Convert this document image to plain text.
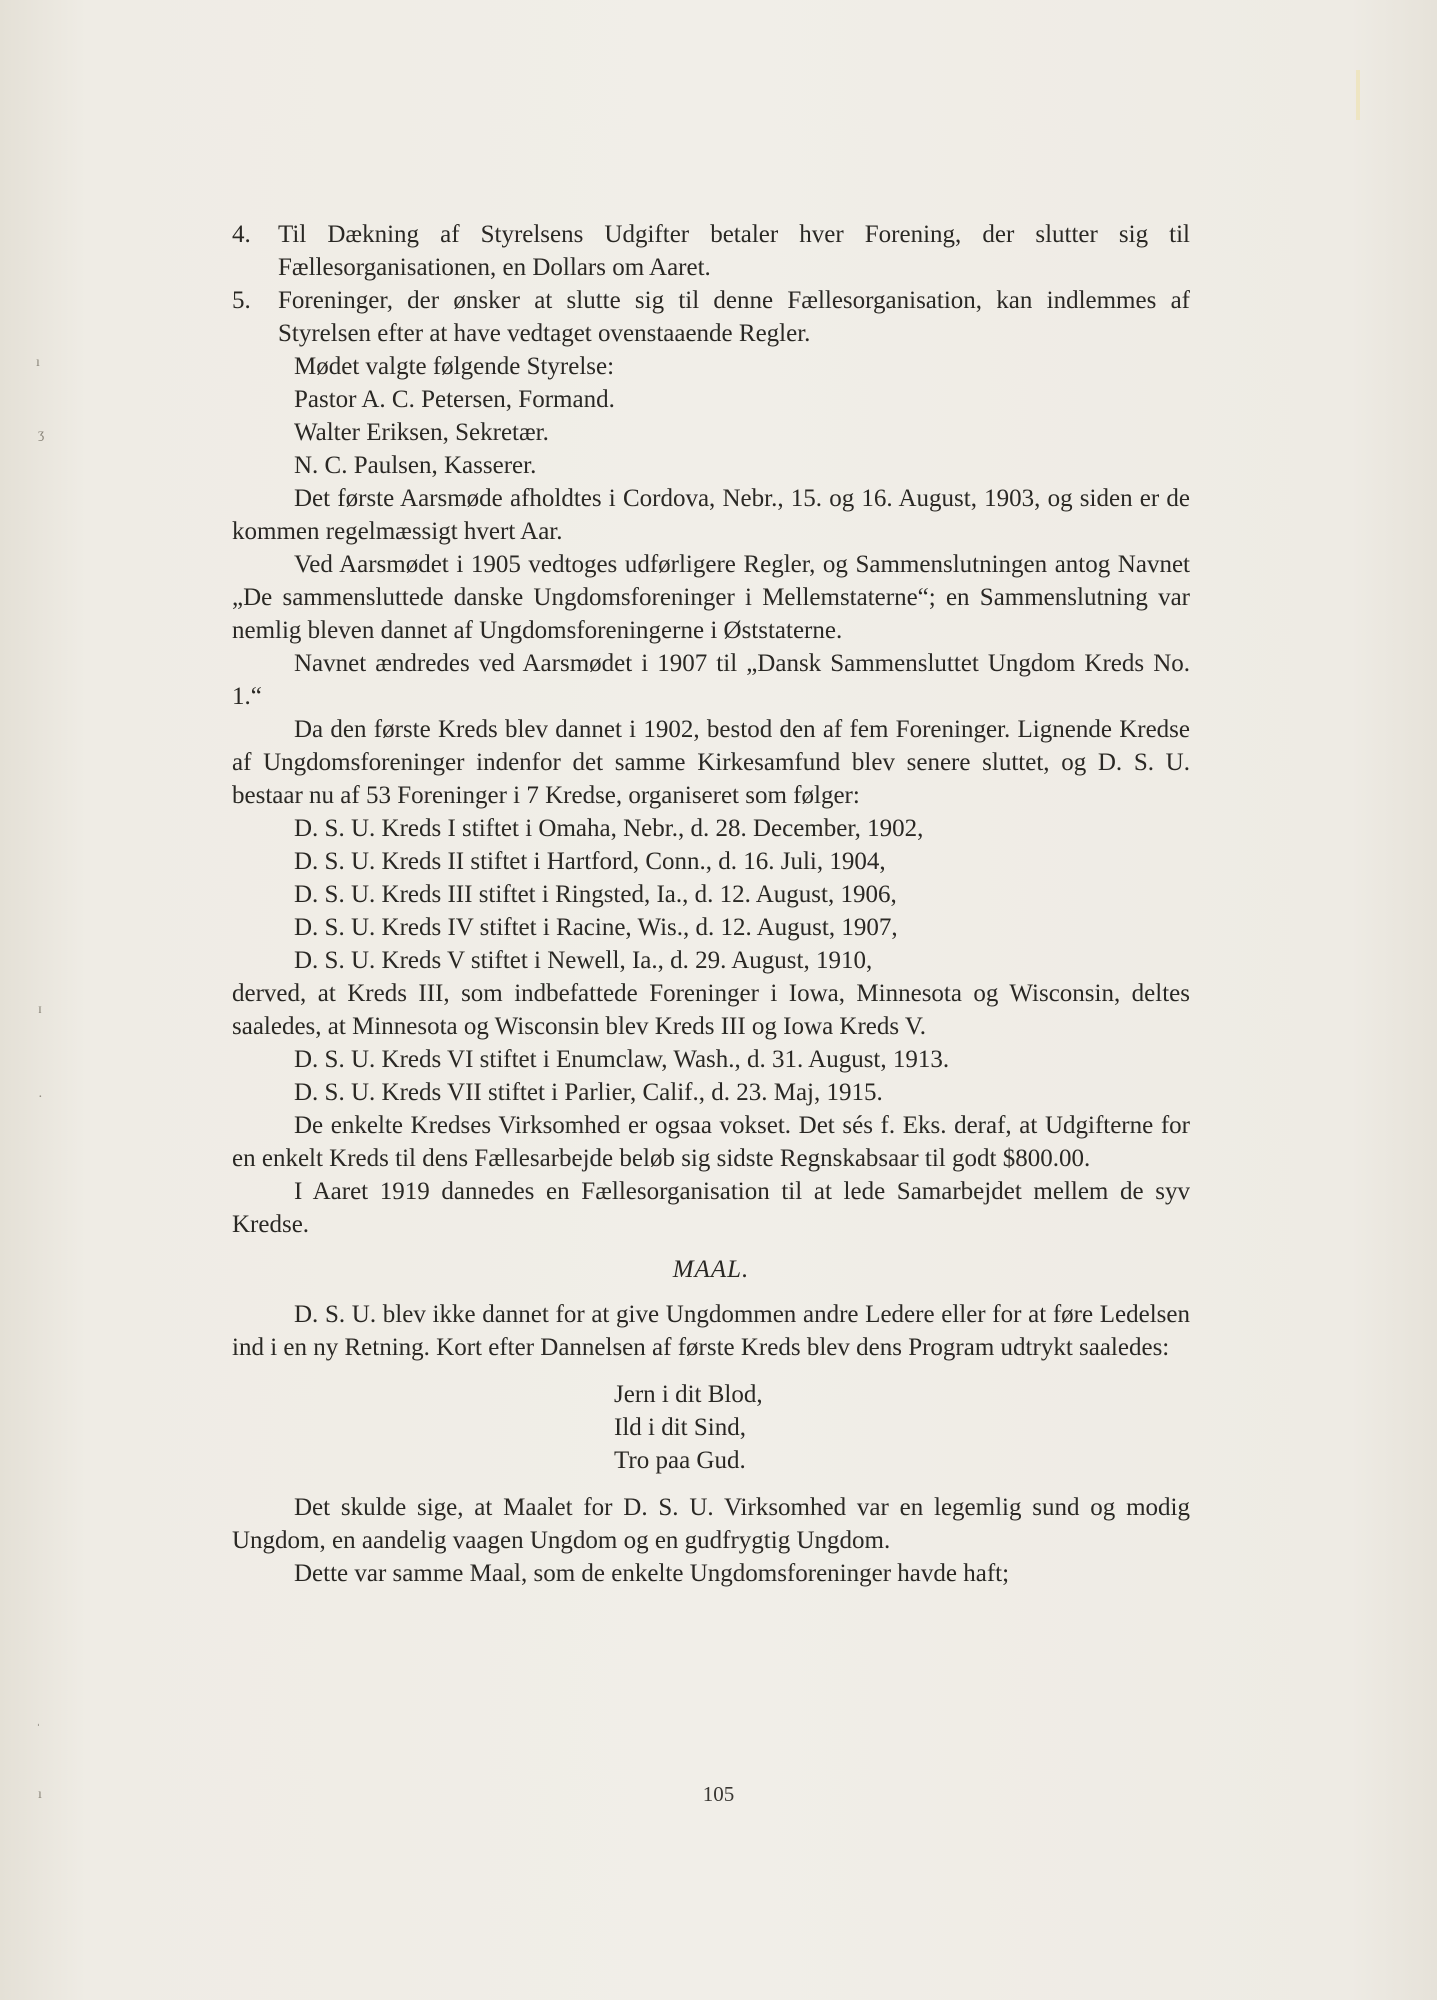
ı
ʒ
ɪ
·
ˌ
ı
4.	Til Dækning af Styrelsens Udgifter betaler hver Forening, der slutter sig til Fællesorganisationen, en Dollars om Aaret.
5.	Foreninger, der ønsker at slutte sig til denne Fællesorganisation, kan indlemmes af Styrelsen efter at have vedtaget ovenstaaende Regler.

Mødet valgte følgende Styrelse:

Pastor A. C. Petersen, Formand.

Walter Eriksen, Sekretær.

N. C. Paulsen, Kasserer.

Det første Aarsmøde afholdtes i Cordova, Nebr., 15. og 16. August, 1903, og siden er de kommen regelmæssigt hvert Aar.

Ved Aarsmødet i 1905 vedtoges udførligere Regler, og Sammenslutningen antog Navnet „De sammensluttede danske Ungdomsforeninger i Mellemstaterne“; en Sammenslutning var nemlig bleven dannet af Ungdomsforeningerne i Øststaterne.

Navnet ændredes ved Aarsmødet i 1907 til „Dansk Sammensluttet Ungdom Kreds No. 1.“

Da den første Kreds blev dannet i 1902, bestod den af fem Foreninger. Lignende Kredse af Ungdomsforeninger indenfor det samme Kirkesamfund blev senere sluttet, og D. S. U. bestaar nu af 53 Foreninger i 7 Kredse, organiseret som følger:

D. S. U. Kreds I stiftet i Omaha, Nebr., d. 28. December, 1902,

D. S. U. Kreds II stiftet i Hartford, Conn., d. 16. Juli, 1904,

D. S. U. Kreds III stiftet i Ringsted, Ia., d. 12. August, 1906,

D. S. U. Kreds IV stiftet i Racine, Wis., d. 12. August, 1907,

D. S. U. Kreds V stiftet i Newell, Ia., d. 29. August, 1910,

derved, at Kreds III, som indbefattede Foreninger i Iowa, Minnesota og Wisconsin, deltes saaledes, at Minnesota og Wisconsin blev Kreds III og Iowa Kreds V.

D. S. U. Kreds VI stiftet i Enumclaw, Wash., d. 31. August, 1913.

D. S. U. Kreds VII stiftet i Parlier, Calif., d. 23. Maj, 1915.

De enkelte Kredses Virksomhed er ogsaa vokset. Det sés f. Eks. deraf, at Udgifterne for en enkelt Kreds til dens Fællesarbejde beløb sig sidste Regnskabsaar til godt $800.00.

I Aaret 1919 dannedes en Fællesorganisation til at lede Samarbejdet mellem de syv Kredse.

MAAL.

D. S. U. blev ikke dannet for at give Ungdommen andre Ledere eller for at føre Ledelsen ind i en ny Retning. Kort efter Dannelsen af første Kreds blev dens Program udtrykt saaledes:

Jern i dit Blod,
Ild i dit Sind,
Tro paa Gud.

Det skulde sige, at Maalet for D. S. U. Virksomhed var en legemlig sund og modig Ungdom, en aandelig vaagen Ungdom og en gudfrygtig Ungdom.

Dette var samme Maal, som de enkelte Ungdomsforeninger havde haft;

105
